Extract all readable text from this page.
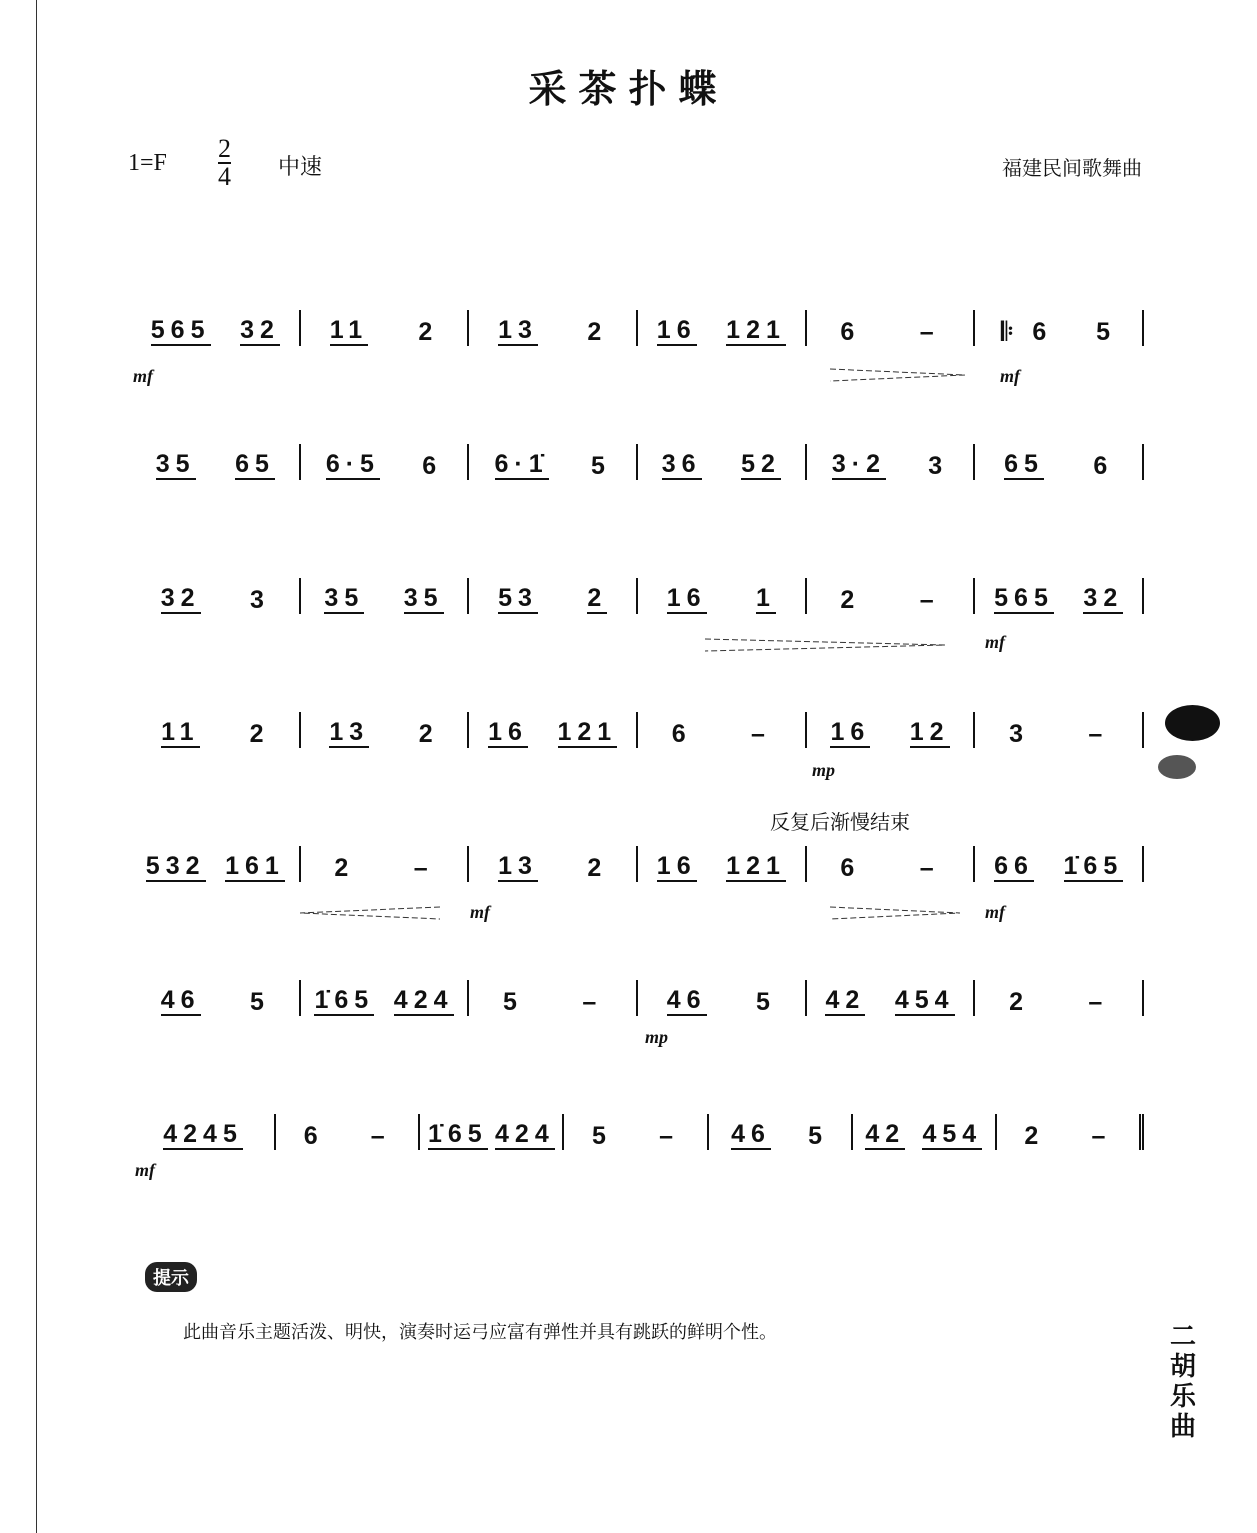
采茶扑蝶
$1=F \frac{2}{4}$ 中速	福建民间歌舞曲
565 32 11 2 13 2 16 121 6 – 𝄆 6 5
35 65 6·5 6 6·1̇ 5 36 52 3·2 3 65 6
32 3 35 35 53 2 16 1	2 – 565 32
11 2 13 2 16 121 6 – 16 12 3 –
532 161 2 –	13 2 16 121 6 – 66 1̇65
46 5 1̇65 424 5 –	46 5 42 454 2 –
4245 6 – 1̇65 424 5 – 46 5 42 454 2 –
mf	mf
mf
mp
mf	mf
mp
mf
反复后渐慢结束
提示
此曲音乐主题活泼、明快，演奏时运弓应富有弹性并具有跳跃的鲜明个性。	二胡乐曲
